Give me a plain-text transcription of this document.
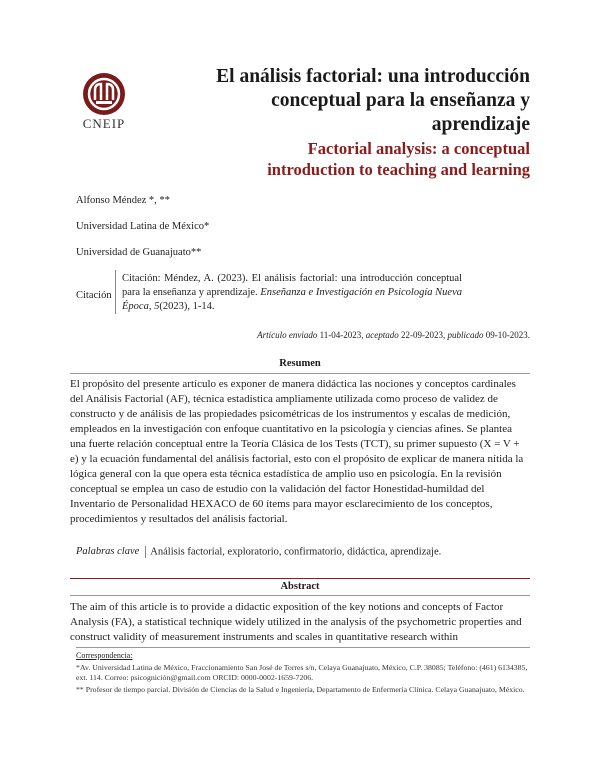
CNEIP
El análisis factorial: una introducción
conceptual para la enseñanza y
aprendizaje
Factorial analysis: a conceptual
introduction to teaching and learning
Alfonso Méndez *, **
Universidad Latina de México*
Universidad de Guanajuato**
Citación
Citación: Méndez, A. (2023). El análisis factorial: una introducción conceptual para la enseñanza y aprendizaje. Enseñanza e Investigación en Psicología Nueva Época, 5(2023), 1-14.
Artículo enviado 11-04-2023, aceptado 22-09-2023, publicado 09-10-2023.
Resumen
El propósito del presente artículo es exponer de manera didáctica las nociones y conceptos cardinales del Análisis Factorial (AF), técnica estadística ampliamente utilizada como proceso de validez de constructo y de análisis de las propiedades psicométricas de los instrumentos y escalas de medición, empleados en la investigación con enfoque cuantitativo en la psicología y ciencias afines. Se plantea una fuerte relación conceptual entre la Teoría Clásica de los Tests (TCT), su primer supuesto (X = V + e) y la ecuación fundamental del análisis factorial, esto con el propósito de explicar de manera nítida la lógica general con la que opera esta técnica estadística de amplio uso en psicología. En la revisión conceptual se emplea un caso de estudio con la validación del factor Honestidad-humildad del Inventario de Personalidad HEXACO de 60 ítems para mayor esclarecimiento de los conceptos, procedimientos y resultados del análisis factorial.
Palabras clave Análisis factorial, exploratorio, confirmatorio, didáctica, aprendizaje.
Abstract
The aim of this article is to provide a didactic exposition of the key notions and concepts of Factor Analysis (FA), a statistical technique widely utilized in the analysis of the psychometric properties and construct validity of measurement instruments and scales in quantitative research within
Correspondencia:
*Av. Universidad Latina de México, Fraccionamiento San José de Torres s/n, Celaya Guanajuato, México, C.P. 38085; Teléfono: (461) 6134385, ext. 114. Correo: psicognición@gmail.com ORCID: 0000-0002-1659-7206.
** Profesor de tiempo parcial. División de Ciencias de la Salud e Ingeniería, Departamento de Enfermería Clínica. Celaya Guanajuato, México.
